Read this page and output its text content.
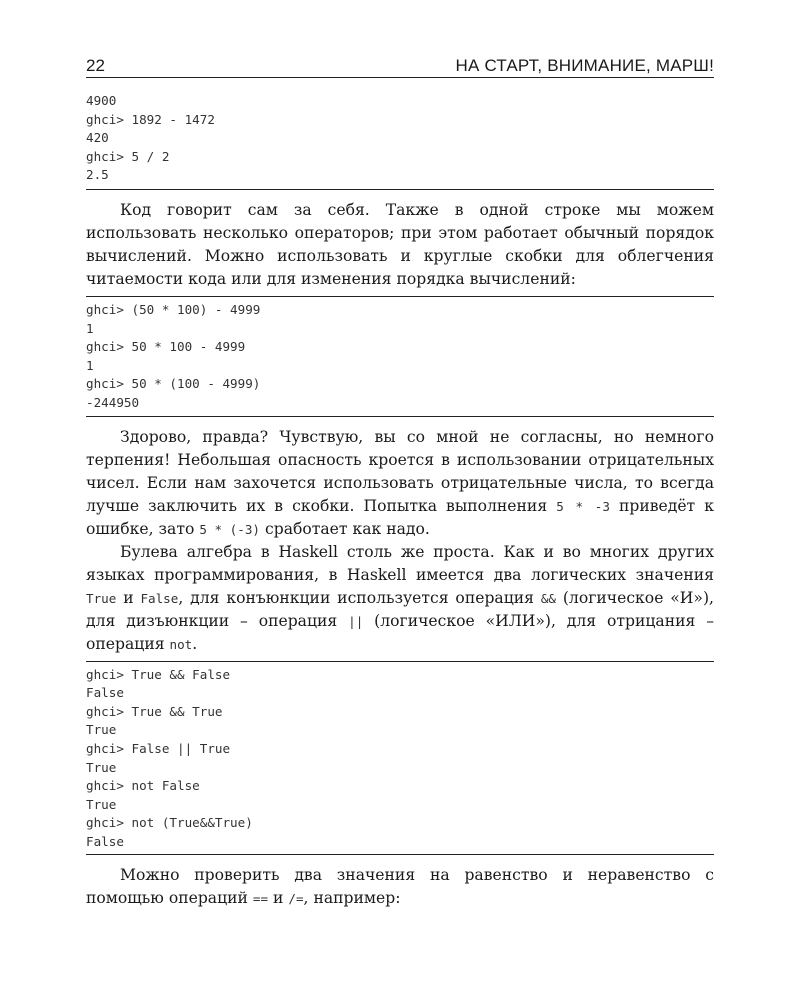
22	НА СТАРТ, ВНИМАНИЕ, МАРШ!
4900
ghci> 1892 - 1472
420
ghci> 5 / 2
2.5

Код говорит сам за себя. Также в одной строке мы можем использовать несколько операторов; при этом работает обычный порядок вычислений. Можно использовать и круглые скобки для облегчения читаемости кода или для изменения порядка вычислений:

ghci> (50 * 100) - 4999
1
ghci> 50 * 100 - 4999
1
ghci> 50 * (100 - 4999)
-244950

Здорово, правда? Чувствую, вы со мной не согласны, но немного терпения! Небольшая опасность кроется в использовании отрицательных чисел. Если нам захочется использовать отрицательные числа, то всегда лучше заключить их в скобки. Попытка выполнения 5 * -3 приведёт к ошибке, зато 5 * (-3) сработает как надо.

Булева алгебра в Haskell столь же проста. Как и во многих других языках программирования, в Haskell имеется два логических значения True и False, для конъюнкции используется операция && (логическое «И»), для дизъюнкции – операция || (логическое «ИЛИ»), для отрицания – операция not.

ghci> True && False
False
ghci> True && True
True
ghci> False || True
True
ghci> not False
True
ghci> not (True&&True)
False

Можно проверить два значения на равенство и неравенство с помощью операций == и /=, например:
